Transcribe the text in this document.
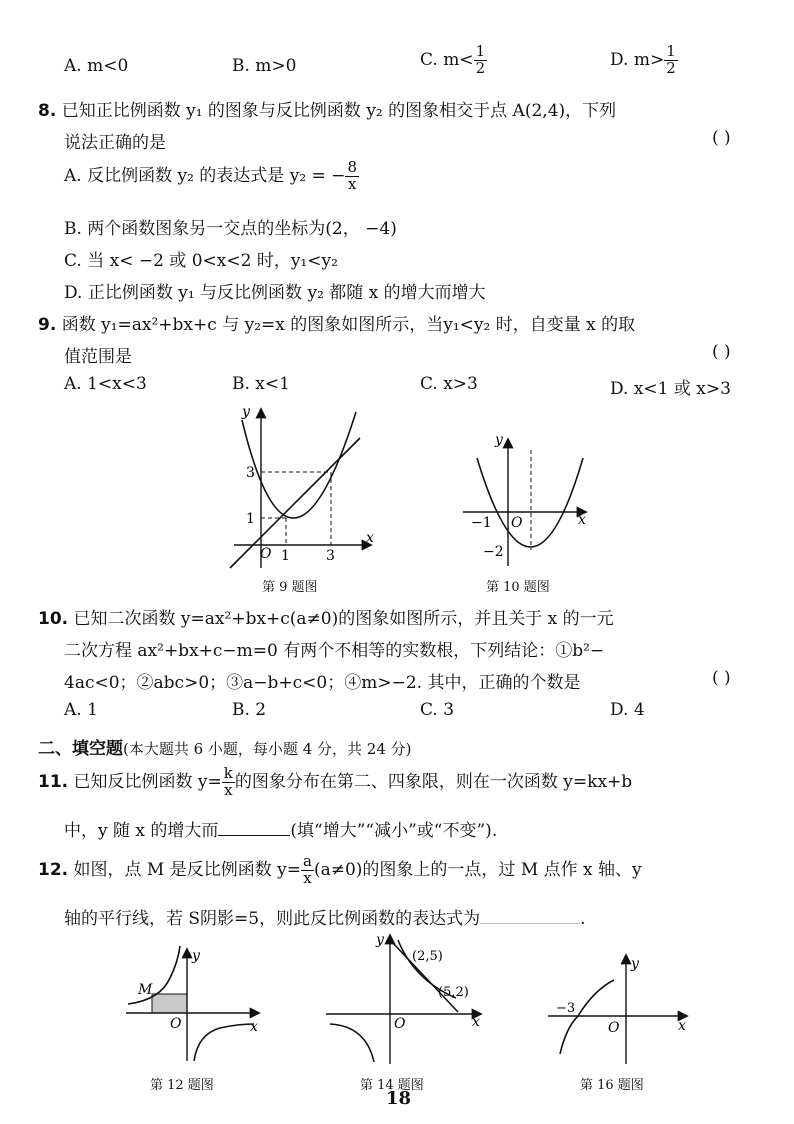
A. m<0	B. m>0	C. $m< \frac{1}{2}$	D. $m> \frac{1}{2}$
8. 已知正比例函数 y₁ 的图象与反比例函数 y₂ 的图象相交于点 A(2,4)，下列
说法正确的是	( )
A. 反比例函数 y₂ 的表达式是 y₂ = − $\frac{8}{x}$
B. 两个函数图象另一交点的坐标为(2， −4)
C. 当 x< −2 或 0<x<2 时，y₁<y₂
D. 正比例函数 y₁ 与反比例函数 y₂ 都随 x 的增大而增大
9. 函数 y₁=ax²+bx+c 与 y₂=x 的图象如图所示，当y₁<y₂ 时，自变量 x 的取
值范围是	( )
A. 1<x<3	B. x<1	C. x>3	D. x<1 或 x>3
y
x
O
3
1
1	3
第 9 题图
y
x
O
−1
−2
第 10 题图
10. 已知二次函数 y=ax²+bx+c(a≠0)的图象如图所示，并且关于 x 的一元
二次方程 ax²+bx+c−m=0 有两个不相等的实数根，下列结论：①b²−
4ac<0；②abc>0；③a−b+c<0；④m>−2. 其中，正确的个数是	( )
A. 1	B. 2	C. 3	D. 4
二、填空题(本大题共 6 小题，每小题 4 分，共 24 分)
11. 已知反比例函数 $y= \frac{k}{x}$ 的图象分布在第二、四象限，则在一次函数 y=kx+b
中，y 随 x 的增大而	(填“增大”“减小”或“不变”).
12. 如图，点 M 是反比例函数 $y= \frac{a}{x} (a\ne 0)$的图象上的一点，过 M 点作 x 轴、y
轴的平行线，若 S阴影=5，则此反比例函数的表达式为	.
y
x
O
M
第 12 题图
y
x
O
(2,5)
(5,2)
第 14 题图
y
x
O
−3
第 16 题图
18
